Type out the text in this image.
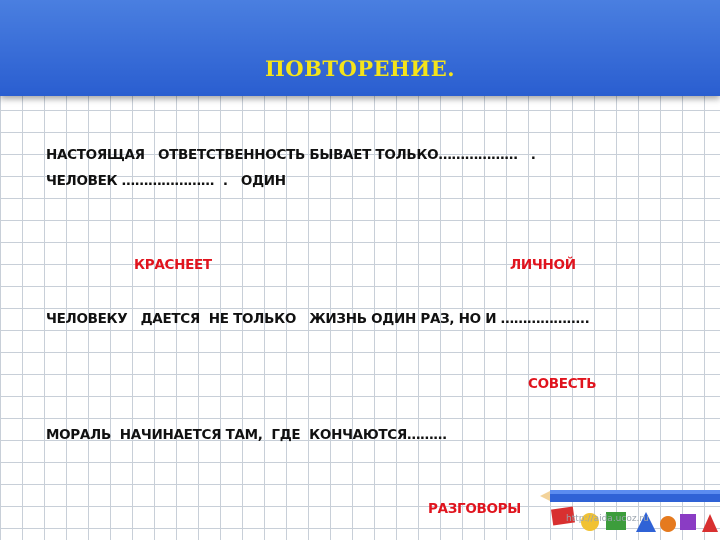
ПОВТОРЕНИЕ.
НАСТОЯЩАЯ   ОТВЕТСТВЕННОСТЬ БЫВАЕТ ТОЛЬКО………………   .
ЧЕЛОВЕК …………………  .   ОДИН
КРАСНЕЕТ	ЛИЧНОЙ
ЧЕЛОВЕКУ   ДАЕТСЯ  НЕ ТОЛЬКО   ЖИЗНЬ ОДИН РАЗ, НО И ………………..
СОВЕСТЬ
МОРАЛЬ  НАЧИНАЕТСЯ ТАМ,  ГДЕ  КОНЧАЮТСЯ………
http://aida.ucoz.ru
РАЗГОВОРЫ
